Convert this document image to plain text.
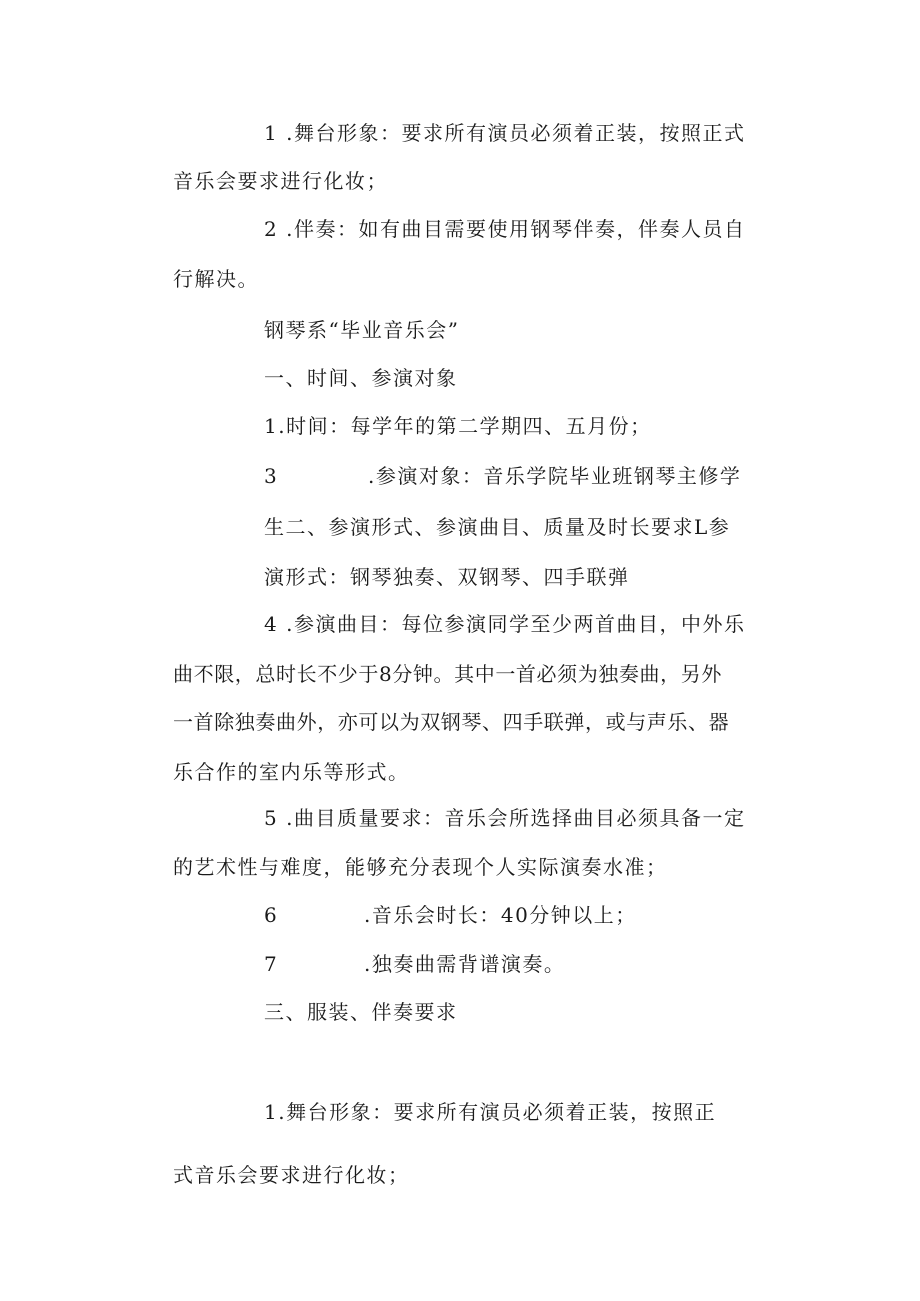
1 .舞台形象：要求所有演员必须着正装，按照正式
音乐会要求进行化妆；
2 .伴奏：如有曲目需要使用钢琴伴奏，伴奏人员自
行解决。
钢琴系“毕业音乐会”
一、时间、参演对象
1.时间：每学年的第二学期四、五月份；
3	.参演对象：音乐学院毕业班钢琴主修学
生二、参演形式、参演曲目、质量及时长要求L参
演形式：钢琴独奏、双钢琴、四手联弹
4 .参演曲目：每位参演同学至少两首曲目，中外乐
曲不限，总时长不少于8分钟。其中一首必须为独奏曲，另外
一首除独奏曲外，亦可以为双钢琴、四手联弹，或与声乐、器
乐合作的室内乐等形式。
5 .曲目质量要求：音乐会所选择曲目必须具备一定
的艺术性与难度，能够充分表现个人实际演奏水准；
6	.音乐会时长：40分钟以上；
7	.独奏曲需背谱演奏。
三、服装、伴奏要求
1.舞台形象：要求所有演员必须着正装，按照正
式音乐会要求进行化妆；
